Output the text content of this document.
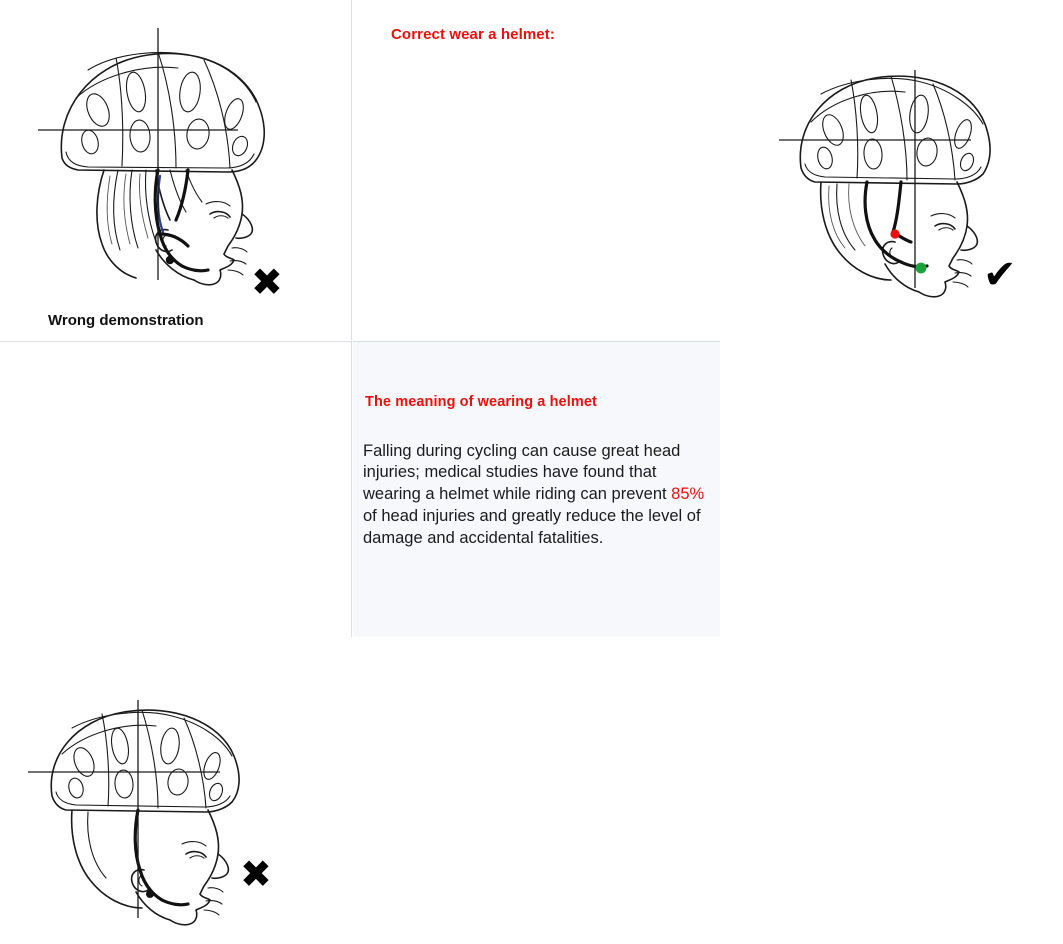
Wrong demonstration
✖
✖
Correct wear a helmet:
✔
The meaning of wearing a helmet

Falling during cycling can cause great head injuries; medical studies have found that wearing a helmet while riding can prevent 85% of head injuries and greatly reduce the level of damage and accidental fatalities.
